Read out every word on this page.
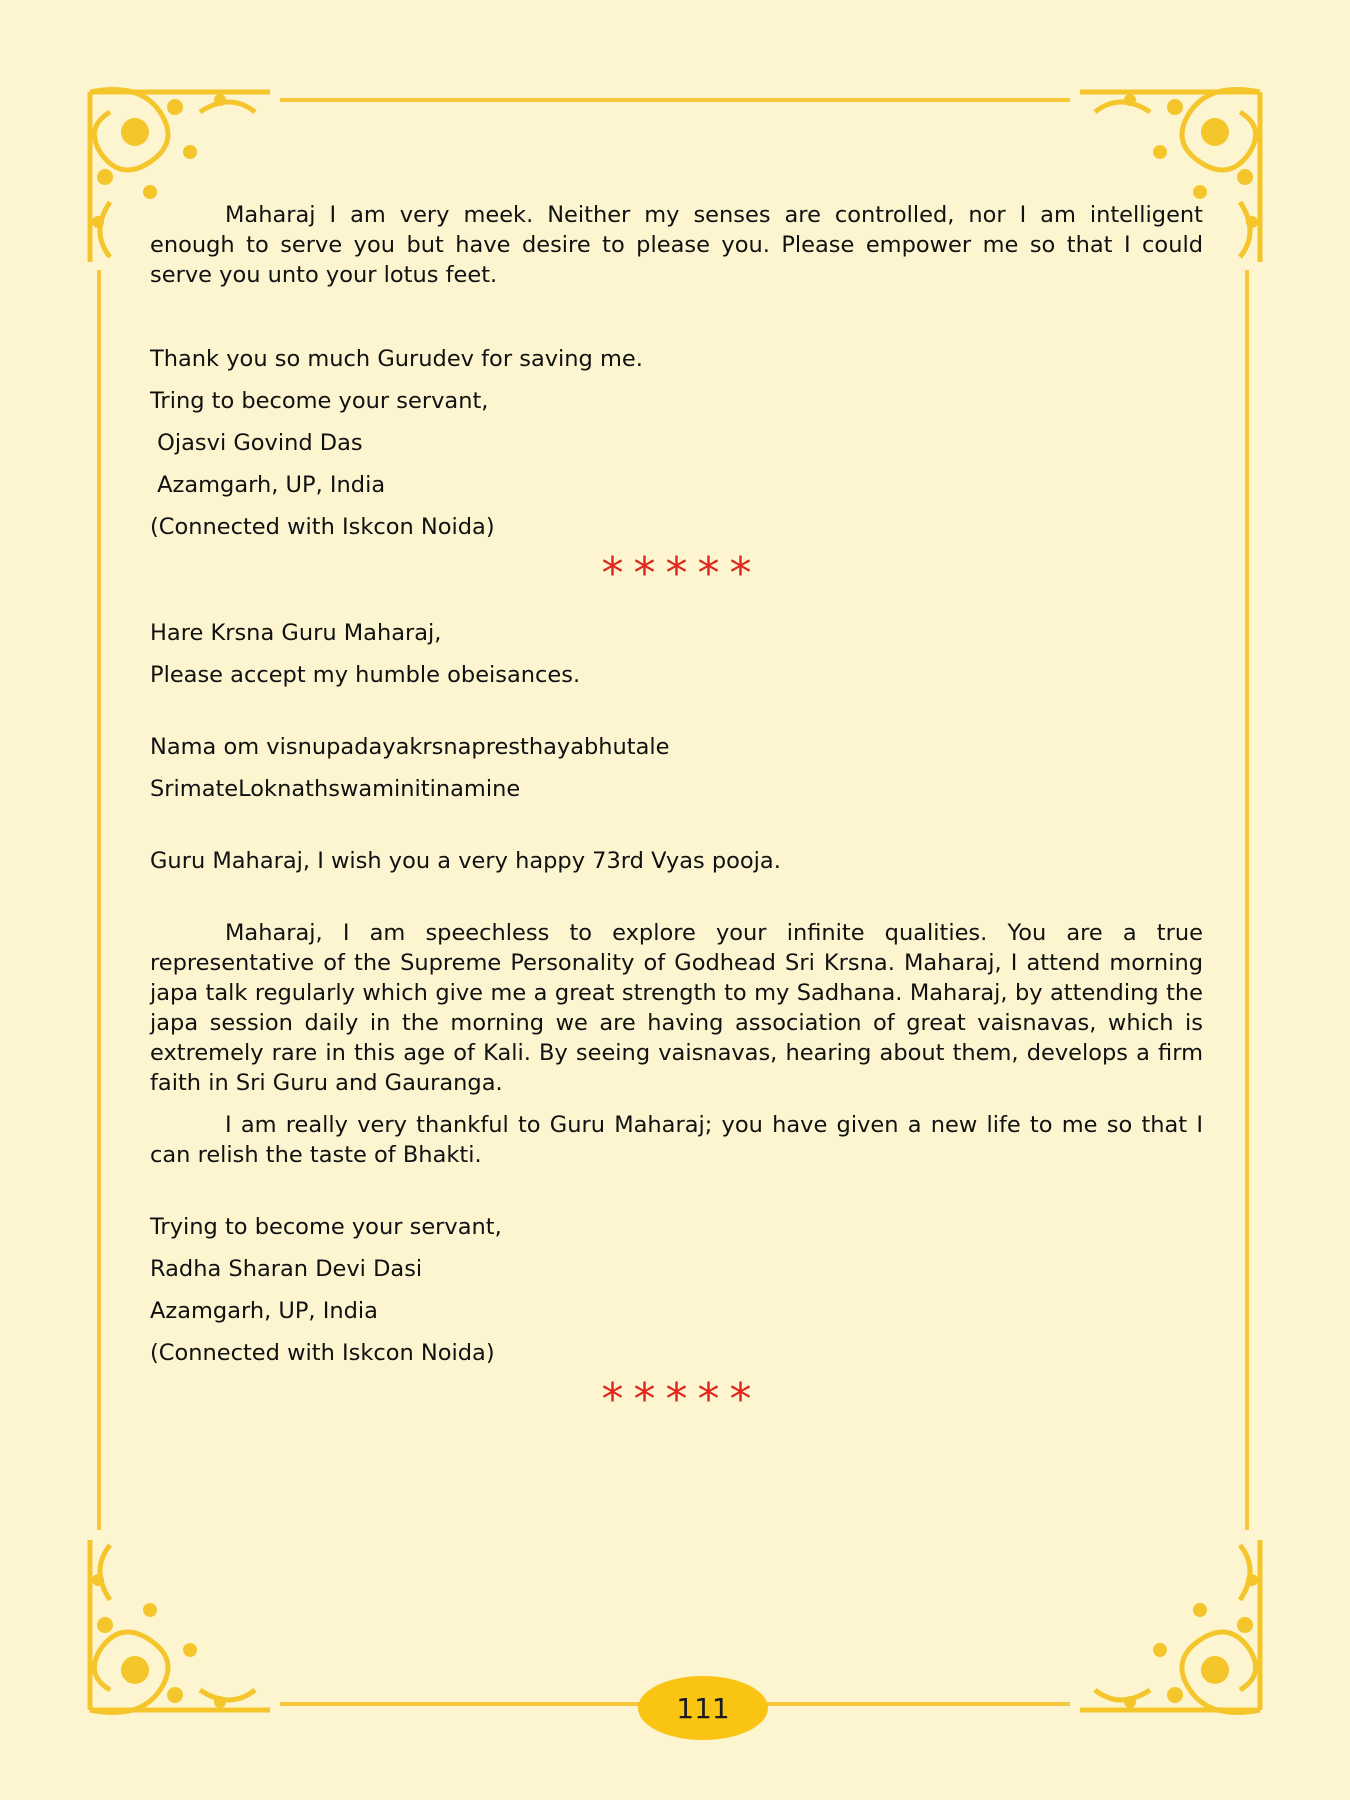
Maharaj I am very meek. Neither my senses are controlled, nor I am intelligent enough to serve you but have desire to please you. Please empower me so that I could serve you unto your lotus feet.

Thank you so much Gurudev for saving me.

Tring to become your servant,

Ojasvi Govind Das

Azamgarh, UP, India

(Connected with Iskcon Noida)

*****

Hare Krsna Guru Maharaj,

Please accept my humble obeisances.

Nama om visnupadayakrsnapresthayabhutale

SrimateLoknathswaminitinamine

Guru Maharaj, I wish you a very happy 73rd Vyas pooja.

Maharaj, I am speechless to explore your infinite qualities. You are a true representative of the Supreme Personality of Godhead Sri Krsna. Maharaj, I attend morning japa talk regularly which give me a great strength to my Sadhana. Maharaj, by attending the japa session daily in the morning we are having association of great vaisnavas, which is extremely rare in this age of Kali. By seeing vaisnavas, hearing about them, develops a firm faith in Sri Guru and Gauranga.

I am really very thankful to Guru Maharaj; you have given a new life to me so that I can relish the taste of Bhakti.

Trying to become your servant,

Radha Sharan Devi Dasi

Azamgarh, UP, India

(Connected with Iskcon Noida)

*****
111
